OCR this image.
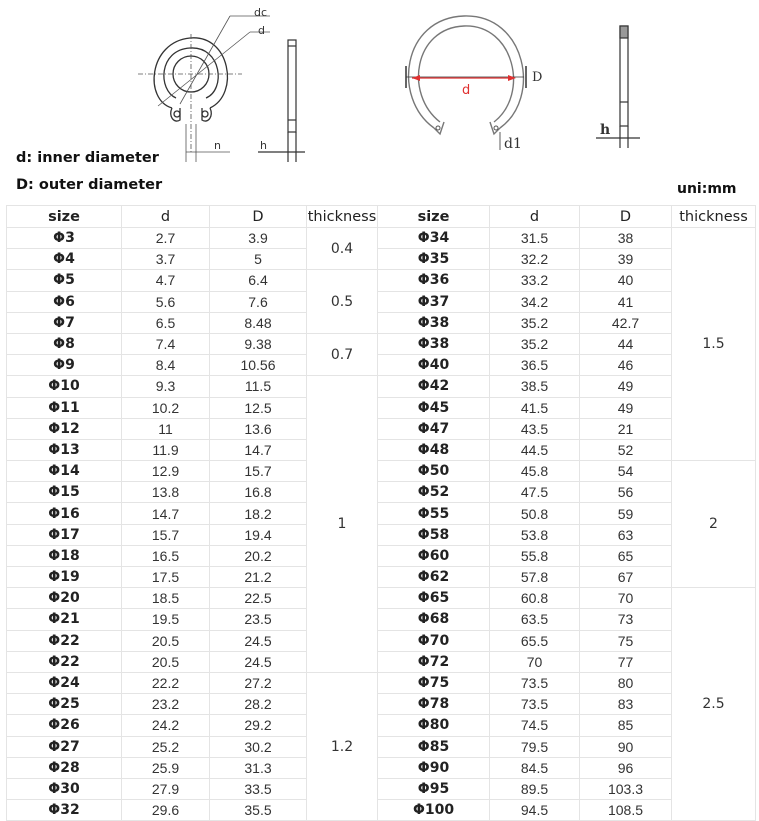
dc
d
n	h
D
d
d1
h
d: inner diameter
D: outer diameter	uni:mm
size	d	D	thickness	size	d	D	thickness
Φ3	2.7	3.9	0.4	Φ34	31.5	38	1.5
Φ4	3.7	5		Φ35	32.2	39	
Φ5	4.7	6.4	0.5	Φ36	33.2	40	
Φ6	5.6	7.6		Φ37	34.2	41	
Φ7	6.5	8.48		Φ38	35.2	42.7	
Φ8	7.4	9.38	0.7	Φ38	35.2	44	
Φ9	8.4	10.56		Φ40	36.5	46	
Φ10	9.3	11.5	1	Φ42	38.5	49	
Φ11	10.2	12.5		Φ45	41.5	49	
Φ12	11	13.6		Φ47	43.5	21	
Φ13	11.9	14.7		Φ48	44.5	52	
Φ14	12.9	15.7		Φ50	45.8	54	2
Φ15	13.8	16.8		Φ52	47.5	56	
Φ16	14.7	18.2		Φ55	50.8	59	
Φ17	15.7	19.4		Φ58	53.8	63	
Φ18	16.5	20.2		Φ60	55.8	65	
Φ19	17.5	21.2		Φ62	57.8	67	
Φ20	18.5	22.5		Φ65	60.8	70	2.5
Φ21	19.5	23.5		Φ68	63.5	73	
Φ22	20.5	24.5		Φ70	65.5	75	
Φ22	20.5	24.5		Φ72	70	77	
Φ24	22.2	27.2	1.2	Φ75	73.5	80	
Φ25	23.2	28.2		Φ78	73.5	83	
Φ26	24.2	29.2		Φ80	74.5	85	
Φ27	25.2	30.2		Φ85	79.5	90	
Φ28	25.9	31.3		Φ90	84.5	96	
Φ30	27.9	33.5		Φ95	89.5	103.3	
Φ32	29.6	35.5		Φ100	94.5	108.5	
